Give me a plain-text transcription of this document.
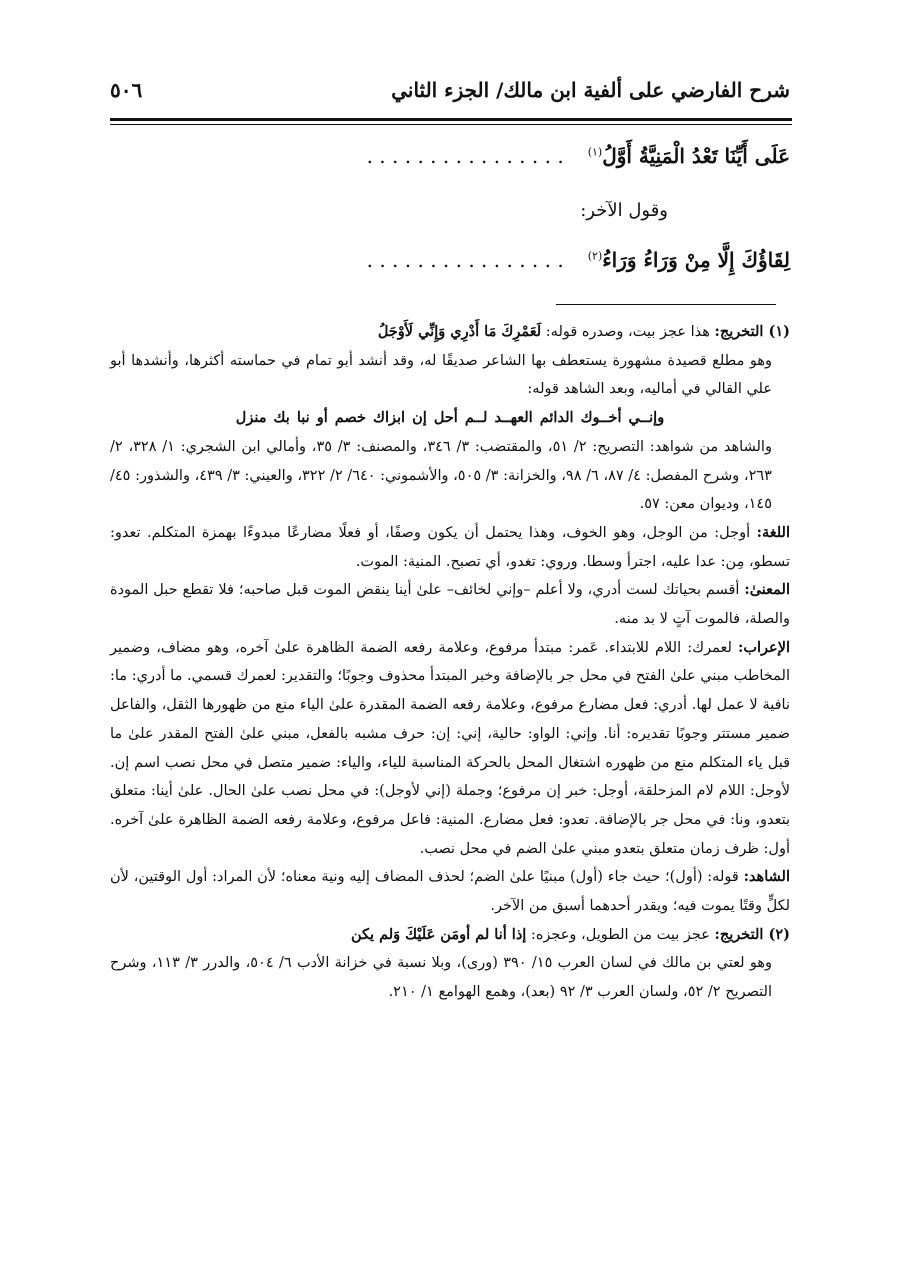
شرح الفارضي على ألفية ابن مالك/ الجزء الثاني
٥٠٦
عَلَى أَيِّنَا تَعْدُ الْمَنِيَّةُ أَوَّلُ$^{(١)}$. . . . . . . . . . . . . . . .
وقول الآخر:
لِقَاؤُكَ إِلَّا مِنْ وَرَاءُ وَرَاءُ$^{(٢)}$. . . . . . . . . . . . . . . .

(١) التخريج: هذا عجز بيت، وصدره قوله: لَعَمْرِكَ مَا أَدْرِي وَإِنِّي لَأَوْجَلُ

وهو مطلع قصيدة مشهورة يستعطف بها الشاعر صديقًا له، وقد أنشد أبو تمام في حماسته أكثرها، وأنشدها أبو علي القالي في أماليه، وبعد الشاهد قوله:

وإنــي أخــوك الدائم العهــد لــم أحل إن ابزاك خصم أو نبا بك منزل

والشاهد من شواهد: التصريح: ٢/ ٥١، والمقتضب: ٣/ ٣٤٦، والمصنف: ٣/ ٣٥، وأمالي ابن الشجري: ١/ ٣٢٨، ٢/ ٢٦٣، وشرح المفصل: ٤/ ٨٧، ٦/ ٩٨، والخزانة: ٣/ ٥٠٥، والأشموني: ٦٤٠/ ٢/ ٣٢٢، والعيني: ٣/ ٤٣٩، والشذور: ٤٥/ ١٤٥، وديوان معن: ٥٧.

اللغة: أوجل: من الوجل، وهو الخوف، وهذا يحتمل أن يكون وصفًا، أو فعلًا مضارعًا مبدوءًا بهمزة المتكلم. تعدو: تسطو، مِن: عدا عليه، اجترأ وسطا. وروي: تغدو، أي تصبح. المنية: الموت.

المعنىٰ: أقسم بحياتك لست أدري، ولا أعلم –وإني لخائف– علىٰ أينا ينقض الموت قبل صاحبه؛ فلا تقطع حبل المودة والصلة، فالموت آتٍ لا بد منه.

الإعراب: لعمرك: اللام للابتداء. عَمر: مبتدأ مرفوع، وعلامة رفعه الضمة الظاهرة علىٰ آخره، وهو مضاف، وضمير المخاطب مبني علىٰ الفتح في محل جر بالإضافة وخبر المبتدأ محذوف وجوبًا؛ والتقدير: لعمرك قسمي. ما أدري: ما: نافية لا عمل لها. أدري: فعل مضارع مرفوع، وعلامة رفعه الضمة المقدرة علىٰ الياء منع من ظهورها الثقل، والفاعل ضمير مستتر وجوبًا تقديره: أنا. وإني: الواو: حالية، إني: إن: حرف مشبه بالفعل، مبني علىٰ الفتح المقدر علىٰ ما قبل ياء المتكلم منع من ظهوره اشتغال المحل بالحركة المناسبة للياء، والياء: ضمير متصل في محل نصب اسم إن. لأوجل: اللام لام المزحلقة، أوجل: خبر إن مرفوع؛ وجملة (إني لأوجل): في محل نصب علىٰ الحال. علىٰ أينا: متعلق بتعدو، ونا: في محل جر بالإضافة. تعدو: فعل مضارع. المنية: فاعل مرفوع، وعلامة رفعه الضمة الظاهرة علىٰ آخره. أول: ظرف زمان متعلق بتعدو مبني علىٰ الضم في محل نصب.

الشاهد: قوله: (أول)؛ حيث جاء (أول) مبنيًا علىٰ الضم؛ لحذف المضاف إليه ونية معناه؛ لأن المراد: أول الوقتين، لأن لكلٍّ وقتًا يموت فيه؛ ويقدر أحدهما أسبق من الآخر.

(٢) التخريج: عجز بيت من الطويل، وعجزه: إذا أنا لم أومَن عَلَيْكَ وَلم يكن

وهو لعتي بن مالك في لسان العرب ١٥/ ٣٩٠ (وری)، وبلا نسبة في خزانة الأدب ٦/ ٥٠٤، والدرر ٣/ ١١٣، وشرح التصريح ٢/ ٥٢، ولسان العرب ٣/ ٩٢ (بعد)، وهمع الهوامع ١/ ٢١٠.
